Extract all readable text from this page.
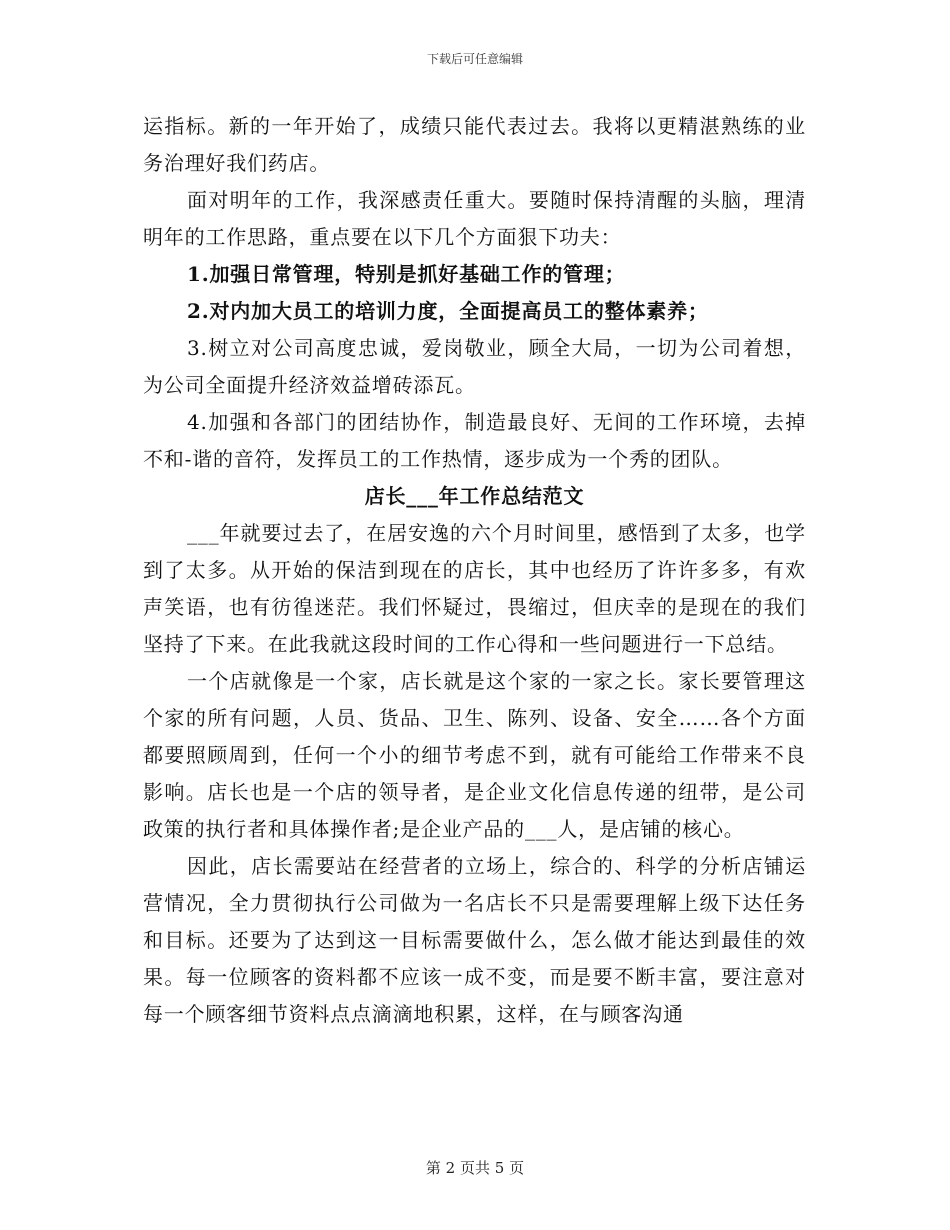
下载后可任意编辑

运指标。新的一年开始了，成绩只能代表过去。我将以更精湛熟练的业务治理好我们药店。

面对明年的工作，我深感责任重大。要随时保持清醒的头脑，理清明年的工作思路，重点要在以下几个方面狠下功夫：

1.加强日常管理，特别是抓好基础工作的管理；

2.对内加大员工的培训力度，全面提高员工的整体素养；

3.树立对公司高度忠诚，爱岗敬业，顾全大局，一切为公司着想，为公司全面提升经济效益增砖添瓦。

4.加强和各部门的团结协作，制造最良好、无间的工作环境，去掉不和-谐的音符，发挥员工的工作热情，逐步成为一个秀的团队。

店长___年工作总结范文

___年就要过去了，在居安逸的六个月时间里，感悟到了太多，也学到了太多。从开始的保洁到现在的店长，其中也经历了许许多多，有欢声笑语，也有彷徨迷茫。我们怀疑过，畏缩过，但庆幸的是现在的我们坚持了下来。在此我就这段时间的工作心得和一些问题进行一下总结。

一个店就像是一个家，店长就是这个家的一家之长。家长要管理这个家的所有问题，人员、货品、卫生、陈列、设备、安全……各个方面都要照顾周到，任何一个小的细节考虑不到，就有可能给工作带来不良影响。店长也是一个店的领导者，是企业文化信息传递的纽带，是公司政策的执行者和具体操作者;是企业产品的___人，是店铺的核心。

因此，店长需要站在经营者的立场上，综合的、科学的分析店铺运营情况，全力贯彻执行公司做为一名店长不只是需要理解上级下达任务和目标。还要为了达到这一目标需要做什么，怎么做才能达到最佳的效果。每一位顾客的资料都不应该一成不变，而是要不断丰富，要注意对每一个顾客细节资料点点滴滴地积累，这样，在与顾客沟通

第 2 页共 5 页
